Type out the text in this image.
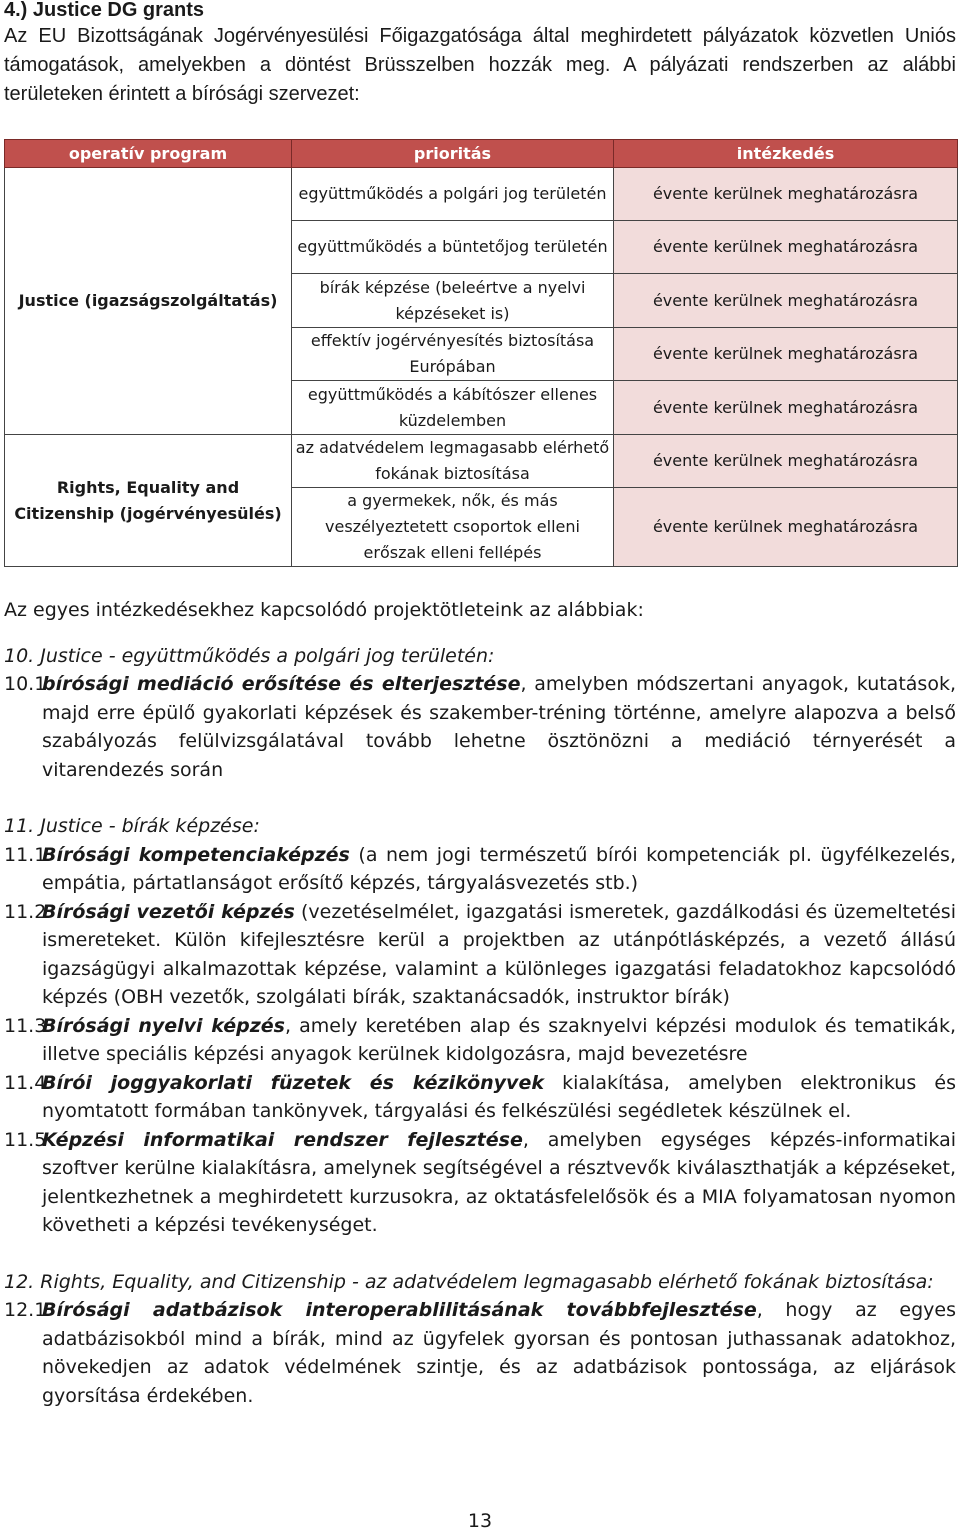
4.) Justice DG grants

Az EU Bizottságának Jogérvényesülési Főigazgatósága által meghirdetett pályázatok közvetlen Uniós támogatások, amelyekben a döntést Brüsszelben hozzák meg. A pályázati rendszerben az alábbi területeken érintett a bírósági szervezet:

operatív program	prioritás	intézkedés
Justice (igazságszolgáltatás)	együttműködés a polgári jog területén	évente kerülnek meghatározásra
	együttműködés a büntetőjog területén	évente kerülnek meghatározásra
	bírák képzése (beleértve a nyelvi képzéseket is)	évente kerülnek meghatározásra
	effektív jogérvényesítés biztosítása Európában	évente kerülnek meghatározásra
	együttműködés a kábítószer ellenes küzdelemben	évente kerülnek meghatározásra
Rights, Equality and Citizenship (jogérvényesülés)	az adatvédelem legmagasabb elérhető fokának biztosítása	évente kerülnek meghatározásra
	a gyermekek, nők, és más veszélyeztetett csoportok elleni erőszak elleni fellépés	évente kerülnek meghatározásra

Az egyes intézkedésekhez kapcsolódó projektötleteink az alábbiak:

10. Justice - együttműködés a polgári jog területén:

10.1bírósági mediáció erősítése és elterjesztése, amelyben módszertani anyagok, kutatások, majd erre épülő gyakorlati képzések és szakember-tréning történne, amelyre alapozva a belső szabályozás felülvizsgálatával tovább lehetne ösztönözni a mediáció térnyerését a vitarendezés során

11. Justice - bírák képzése:

11.1Bírósági kompetenciaképzés (a nem jogi természetű bírói kompetenciák pl. ügyfélkezelés, empátia, pártatlanságot erősítő képzés, tárgyalásvezetés stb.)

11.2Bírósági vezetői képzés (vezetéselmélet, igazgatási ismeretek, gazdálkodási és üzemeltetési ismereteket. Külön kifejlesztésre kerül a projektben az utánpótlásképzés, a vezető állású igazságügyi alkalmazottak képzése, valamint a különleges igazgatási feladatokhoz kapcsolódó képzés (OBH vezetők, szolgálati bírák, szaktanácsadók, instruktor bírák)

11.3Bírósági nyelvi képzés, amely keretében alap és szaknyelvi képzési modulok és tematikák, illetve speciális képzési anyagok kerülnek kidolgozásra, majd bevezetésre

11.4Bírói joggyakorlati füzetek és kézikönyvek kialakítása, amelyben elektronikus és nyomtatott formában tankönyvek, tárgyalási és felkészülési segédletek készülnek el.

11.5Képzési informatikai rendszer fejlesztése, amelyben egységes képzés-informatikai szoftver kerülne kialakításra, amelynek segítségével a résztvevők kiválaszthatják a képzéseket, jelentkezhetnek a meghirdetett kurzusokra, az oktatásfelelősök és a MIA folyamatosan nyomon követheti a képzési tevékenységet.

12. Rights, Equality, and Citizenship - az adatvédelem legmagasabb elérhető fokának biztosítása:

12.1Bírósági adatbázisok interoperablilitásának továbbfejlesztése, hogy az egyes adatbázisokból mind a bírák, mind az ügyfelek gyorsan és pontosan juthassanak adatokhoz, növekedjen az adatok védelmének szintje, és az adatbázisok pontossága, az eljárások gyorsítása érdekében.

13
